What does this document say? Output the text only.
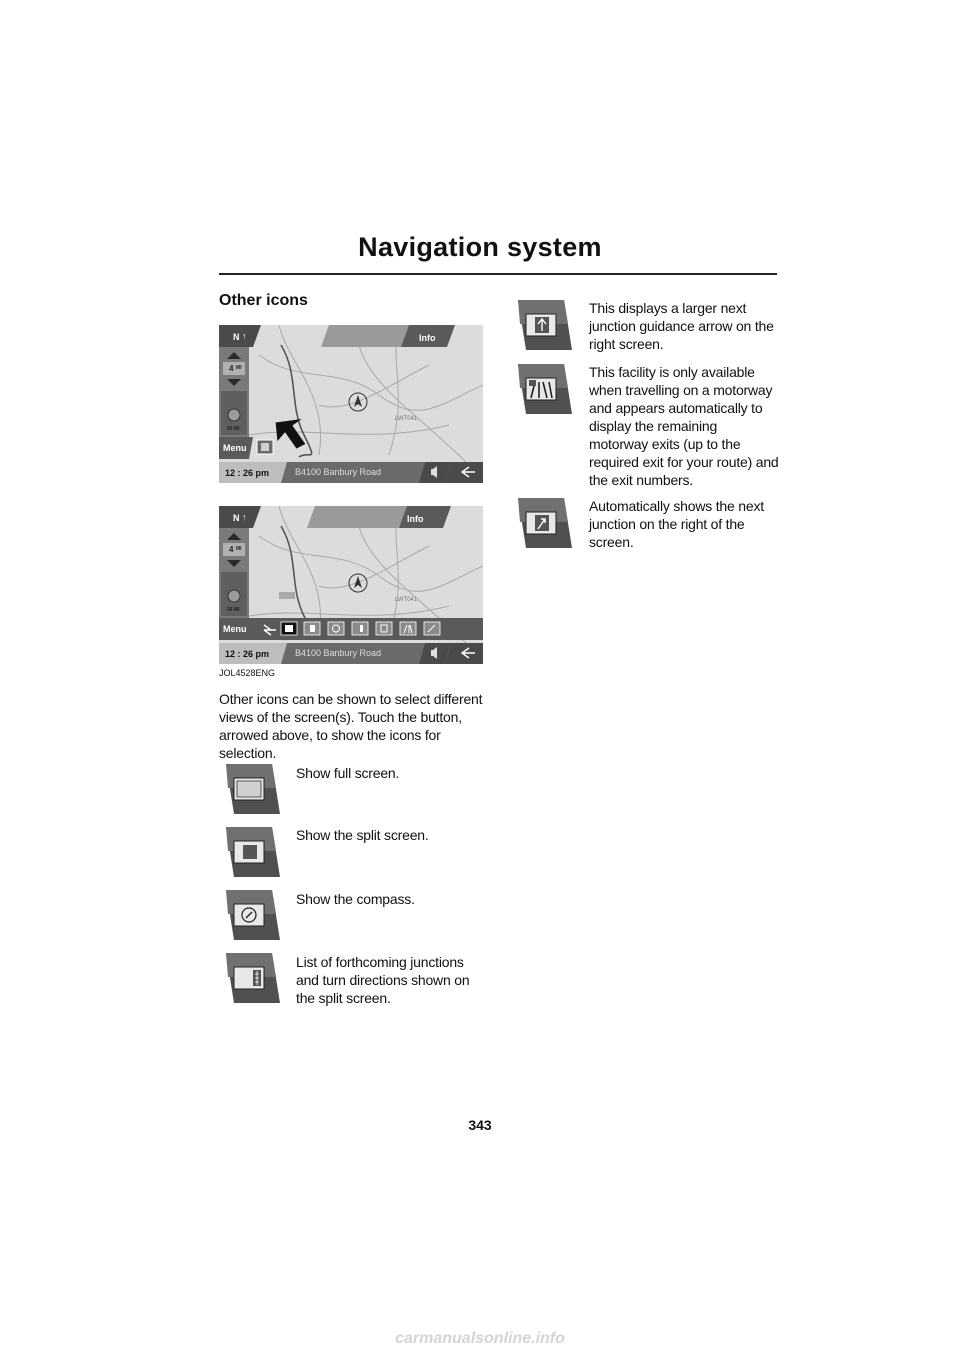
Navigation system
Other icons
N ↑	Info
4 MI
56 MI
LWT041
Menu
12 : 26 pm	B4100 Banbury Road
N ↑	Info
4 MI
56 MI
LWT041
Menu
12 : 26 pm	B4100 Banbury Road
JOL4528ENG
Other icons can be shown to select different views of the screen(s). Touch the button, arrowed above, to show the icons for selection.
Show full screen.
Show the split screen.
Show the compass.
List of forthcoming junctions and turn directions shown on the split screen.
This displays a larger next junction guidance arrow on the right screen.
This facility is only available when travelling on a motorway and appears automatically to display the remaining motorway exits (up to the required exit for your route) and the exit numbers.
Automatically shows the next junction on the right of the screen.
343
carmanualsonline.info
